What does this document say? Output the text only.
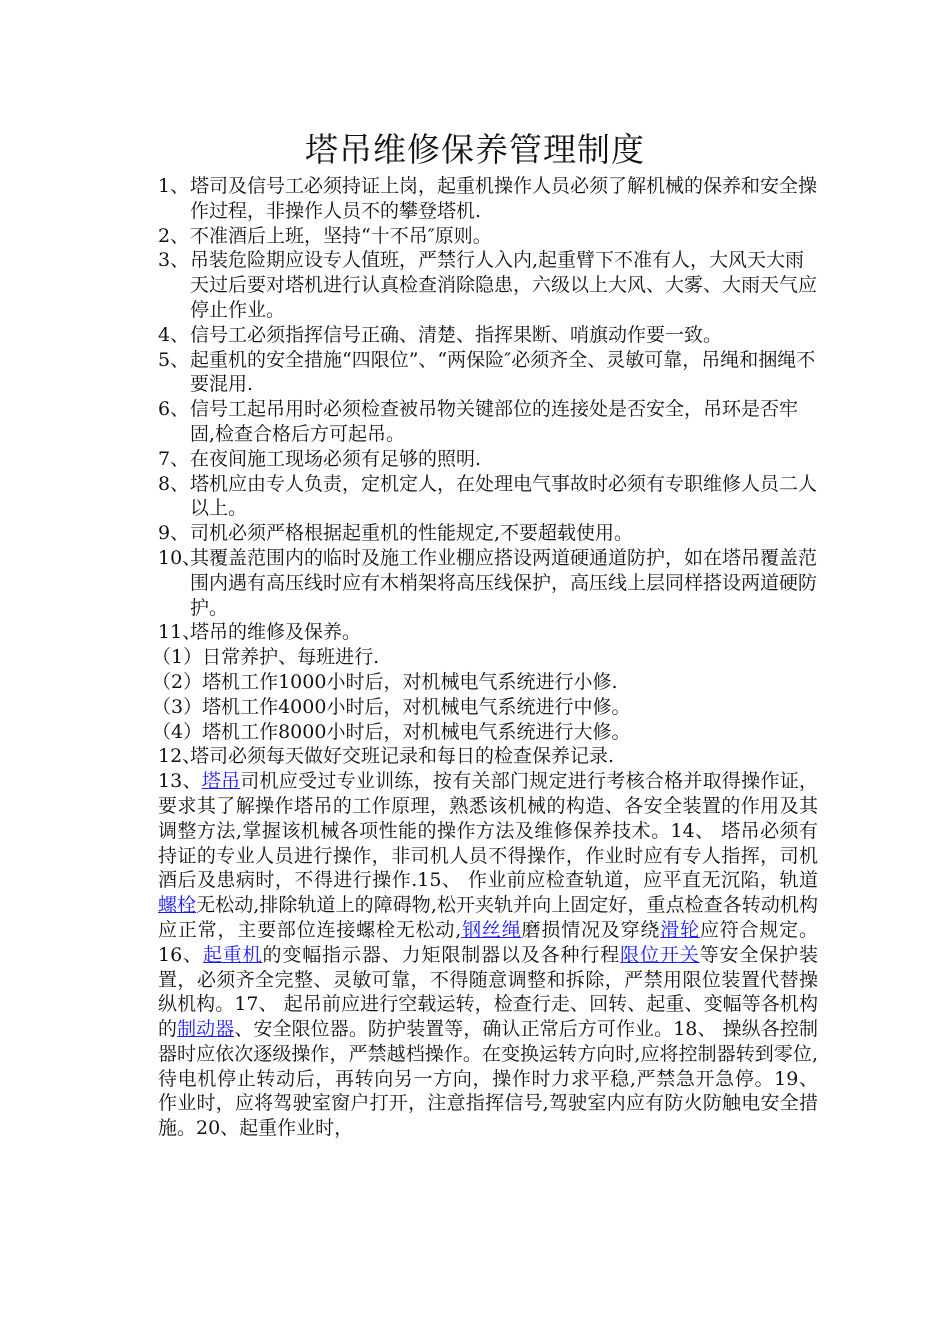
塔吊维修保养管理制度
1、 塔司及信号工必须持证上岗，起重机操作人员必须了解机械的保养和安全操作过程，非操作人员不的攀登塔机.
2、 不准酒后上班，坚持“十不吊″原则。
3、 吊装危险期应设专人值班，严禁行人入内,起重臂下不准有人，大风天大雨天过后要对塔机进行认真检查消除隐患，六级以上大风、大雾、大雨天气应停止作业。
4、 信号工必须指挥信号正确、清楚、指挥果断、哨旗动作要一致。
5、 起重机的安全措施“四限位”、“两保险″必须齐全、灵敏可靠，吊绳和捆绳不要混用.
6、 信号工起吊用时必须检查被吊物关键部位的连接处是否安全，吊环是否牢固,检查合格后方可起吊。
7、 在夜间施工现场必须有足够的照明.
8、 塔机应由专人负责，定机定人，在处理电气事故时必须有专职维修人员二人以上。
9、 司机必须严格根据起重机的性能规定,不要超载使用。
10、
其覆盖范围内的临时及施工作业棚应搭设两道硬通道防护，如在塔吊覆盖范围内遇有高压线时应有木梢架将高压线保护，高压线上层同样搭设两道硬防护。
11、
塔吊的维修及保养。
（1）日常养护、每班进行.
（2）塔机工作1000小时后，对机械电气系统进行小修.
（3）塔机工作4000小时后，对机械电气系统进行中修。
（4）塔机工作8000小时后，对机械电气系统进行大修。
12、
塔司必须每天做好交班记录和每日的检查保养记录.
13、塔吊司机应受过专业训练，按有关部门规定进行考核合格并取得操作证，要求其了解操作塔吊的工作原理，熟悉该机械的构造、各安全装置的作用及其调整方法,掌握该机械各项性能的操作方法及维修保养技术。14、 塔吊必须有持证的专业人员进行操作，非司机人员不得操作，作业时应有专人指挥，司机酒后及患病时，不得进行操作.15、 作业前应检查轨道，应平直无沉陷，轨道螺栓无松动,排除轨道上的障碍物,松开夹轨并向上固定好，重点检查各转动机构应正常，主要部位连接螺栓无松动,钢丝绳磨损情况及穿绕滑轮应符合规定。 16、起重机的变幅指示器、力矩限制器以及各种行程限位开关等安全保护装置，必须齐全完整、灵敏可靠，不得随意调整和拆除，严禁用限位装置代替操纵机构。17、 起吊前应进行空载运转，检查行走、回转、起重、变幅等各机构的制动器、安全限位器。防护装置等，确认正常后方可作业。18、 操纵各控制器时应依次逐级操作，严禁越档操作。在变换运转方向时,应将控制器转到零位,待电机停止转动后，再转向另一方向，操作时力求平稳,严禁急开急停。19、 作业时，应将驾驶室窗户打开，注意指挥信号,驾驶室内应有防火防触电安全措施。20、起重作业时，
